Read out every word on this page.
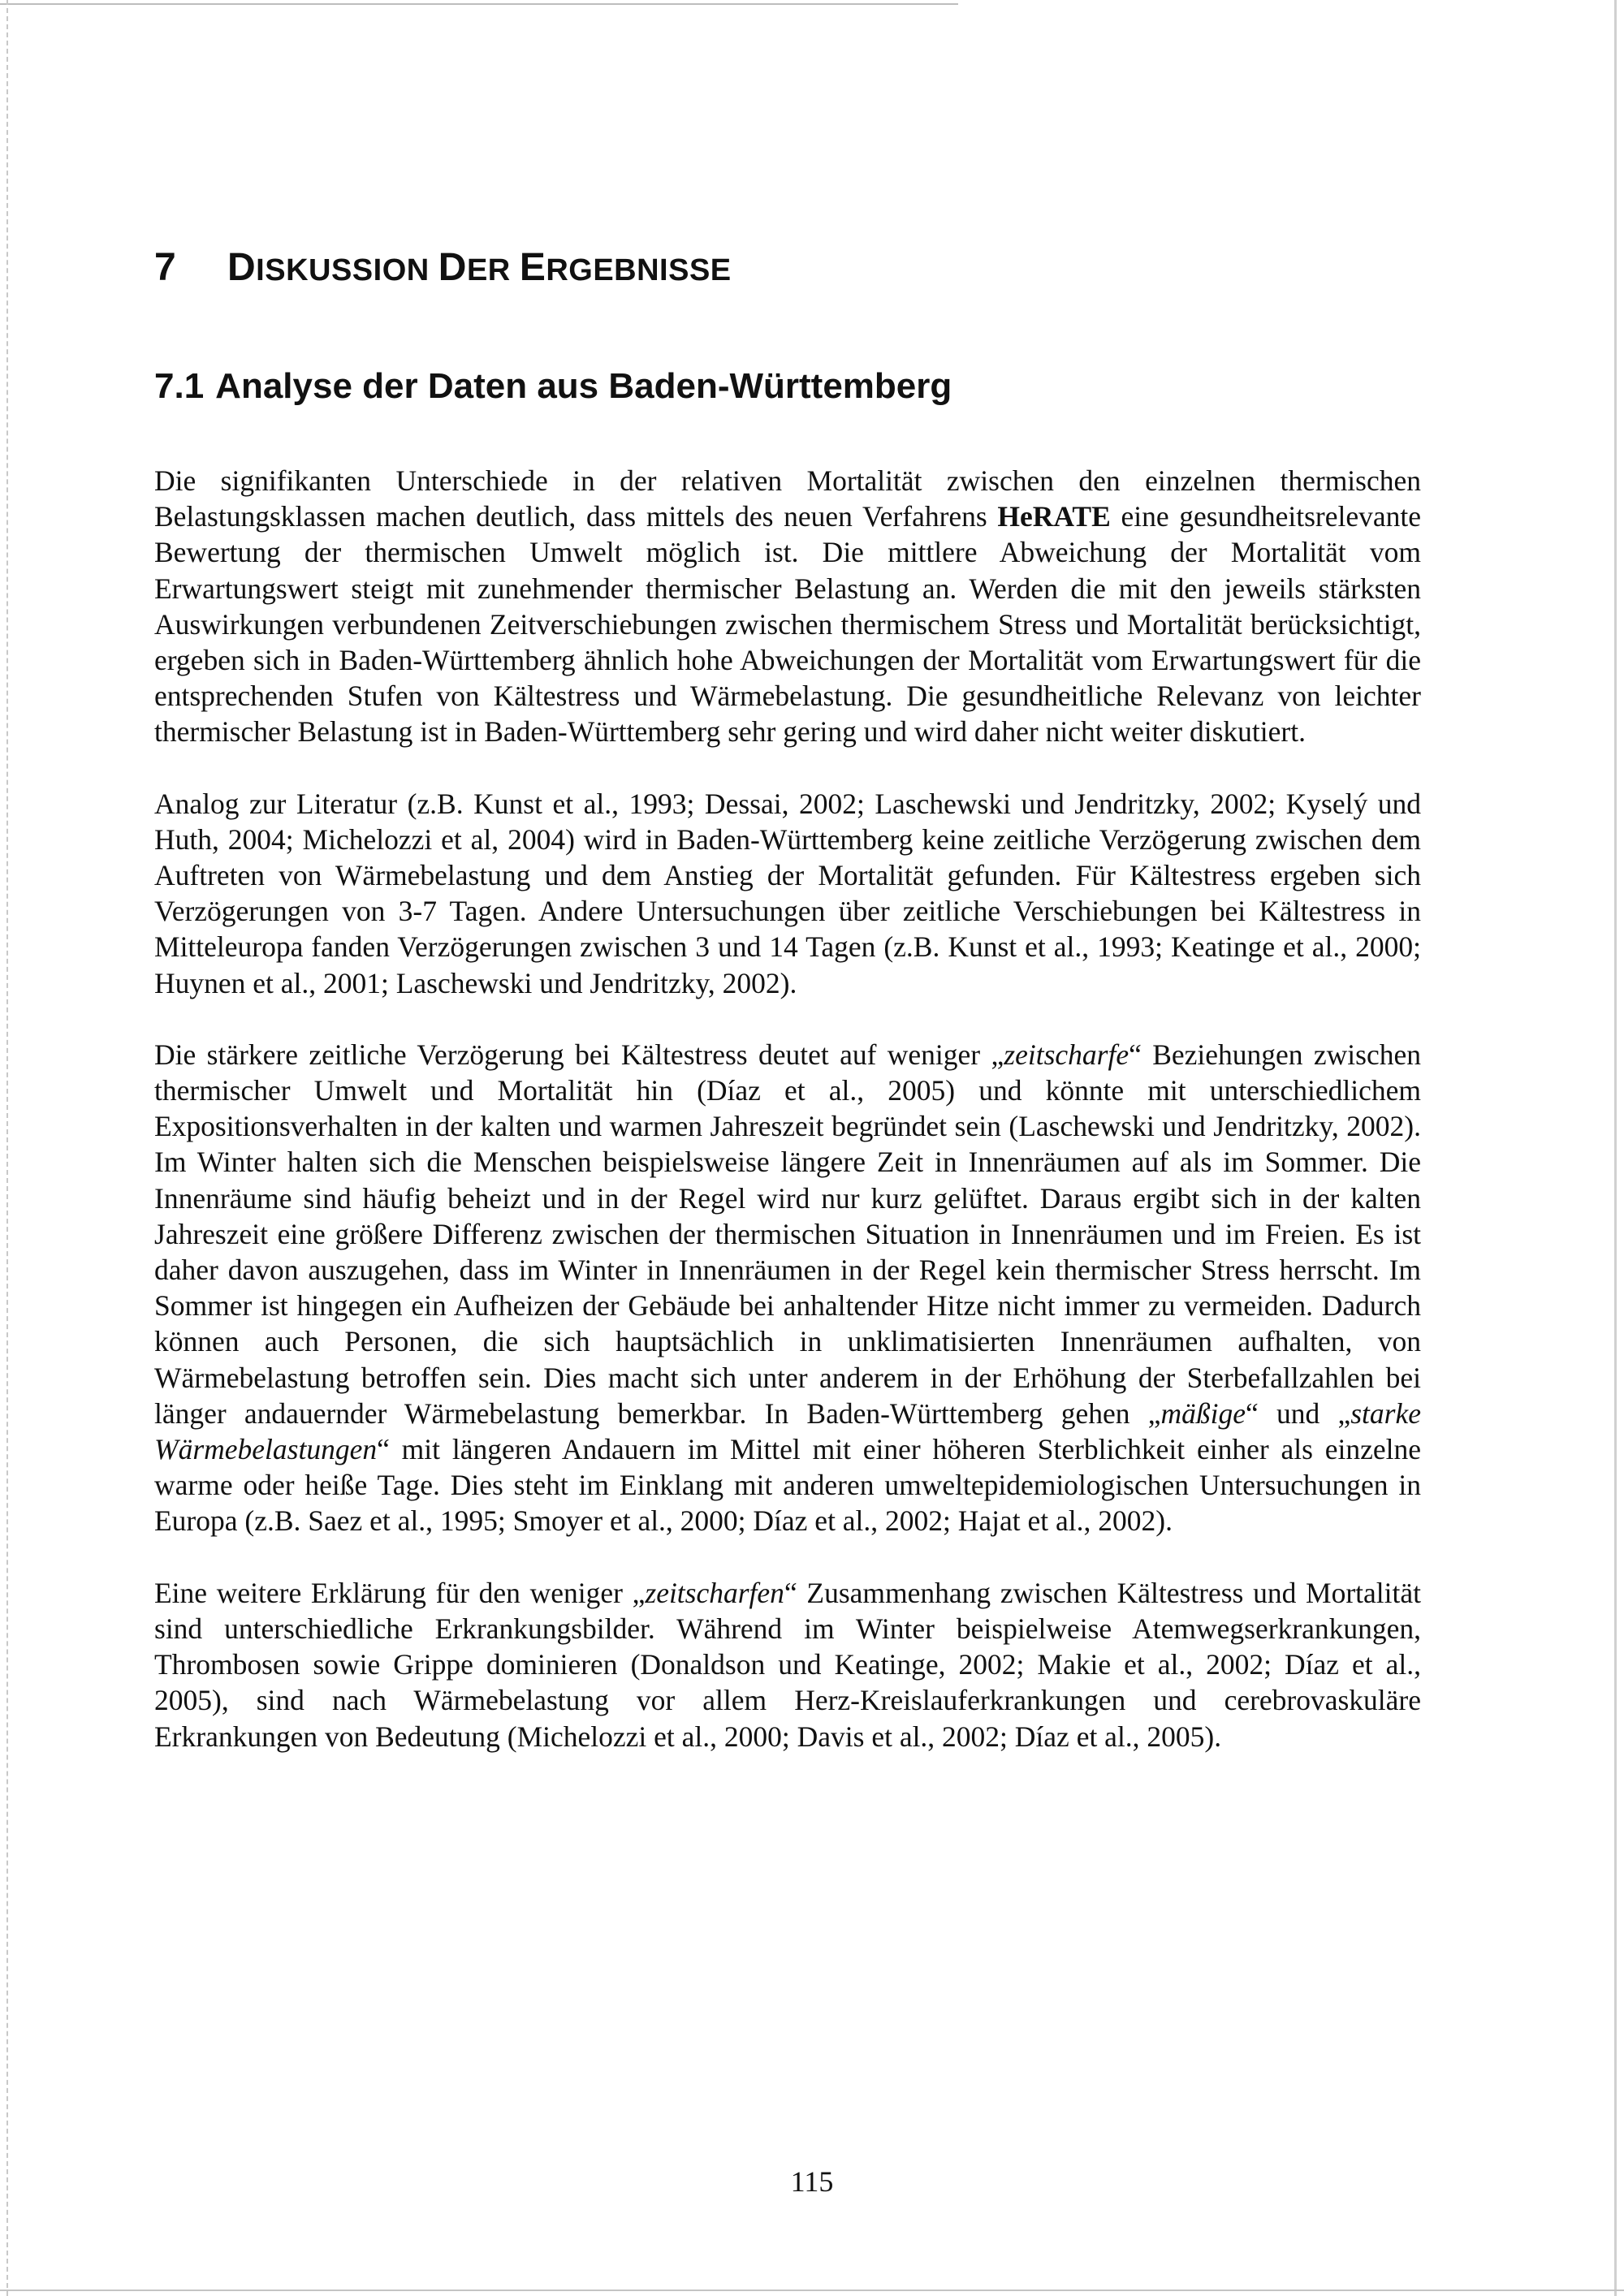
7 DISKUSSION DER ERGEBNISSE
7.1 Analyse der Daten aus Baden-Württemberg

Die signifikanten Unterschiede in der relativen Mortalität zwischen den einzelnen thermischen Belastungsklassen machen deutlich, dass mittels des neuen Verfahrens HeRATE eine gesundheitsrelevante Bewertung der thermischen Umwelt möglich ist. Die mittlere Abweichung der Mortalität vom Erwartungswert steigt mit zunehmender thermischer Belastung an. Werden die mit den jeweils stärksten Auswirkungen verbundenen Zeitverschiebungen zwischen thermischem Stress und Mortalität berücksichtigt, ergeben sich in Baden-Württemberg ähnlich hohe Abweichungen der Mortalität vom Erwartungswert für die entsprechenden Stufen von Kältestress und Wärmebelastung. Die gesundheitliche Relevanz von leichter thermischer Belastung ist in Baden-Württemberg sehr gering und wird daher nicht weiter diskutiert.

Analog zur Literatur (z.B. Kunst et al., 1993; Dessai, 2002; Laschewski und Jendritzky, 2002; Kyselý und Huth, 2004; Michelozzi et al, 2004) wird in Baden-Württemberg keine zeitliche Verzögerung zwischen dem Auftreten von Wärmebelastung und dem Anstieg der Mortalität gefunden. Für Kältestress ergeben sich Verzögerungen von 3-7 Tagen. Andere Untersuchungen über zeitliche Verschiebungen bei Kältestress in Mitteleuropa fanden Verzögerungen zwischen 3 und 14 Tagen (z.B. Kunst et al., 1993; Keatinge et al., 2000; Huynen et al., 2001; Laschewski und Jendritzky, 2002).

Die stärkere zeitliche Verzögerung bei Kältestress deutet auf weniger „zeitscharfe“ Beziehungen zwischen thermischer Umwelt und Mortalität hin (Díaz et al., 2005) und könnte mit unterschiedlichem Expositionsverhalten in der kalten und warmen Jahreszeit begründet sein (Laschewski und Jendritzky, 2002). Im Winter halten sich die Menschen beispielsweise längere Zeit in Innenräumen auf als im Sommer. Die Innenräume sind häufig beheizt und in der Regel wird nur kurz gelüftet. Daraus ergibt sich in der kalten Jahreszeit eine größere Differenz zwischen der thermischen Situation in Innenräumen und im Freien. Es ist daher davon auszugehen, dass im Winter in Innenräumen in der Regel kein thermischer Stress herrscht. Im Sommer ist hingegen ein Aufheizen der Gebäude bei anhaltender Hitze nicht immer zu vermeiden. Dadurch können auch Personen, die sich hauptsächlich in unklimatisierten Innenräumen aufhalten, von Wärmebelastung betroffen sein. Dies macht sich unter anderem in der Erhöhung der Sterbefallzahlen bei länger andauernder Wärmebelastung bemerkbar. In Baden-Württemberg gehen „mäßige“ und „starke Wärmebelastungen“ mit längeren Andauern im Mittel mit einer höheren Sterblichkeit einher als einzelne warme oder heiße Tage. Dies steht im Einklang mit anderen umweltepidemiologischen Untersuchungen in Europa (z.B. Saez et al., 1995; Smoyer et al., 2000; Díaz et al., 2002; Hajat et al., 2002).

Eine weitere Erklärung für den weniger „zeitscharfen“ Zusammenhang zwischen Kältestress und Mortalität sind unterschiedliche Erkrankungsbilder. Während im Winter beispielweise Atemwegserkrankungen, Thrombosen sowie Grippe dominieren (Donaldson und Keatinge, 2002; Makie et al., 2002; Díaz et al., 2005), sind nach Wärmebelastung vor allem Herz-Kreislauferkrankungen und cerebrovaskuläre Erkrankungen von Bedeutung (Michelozzi et al., 2000; Davis et al., 2002; Díaz et al., 2005).

115
